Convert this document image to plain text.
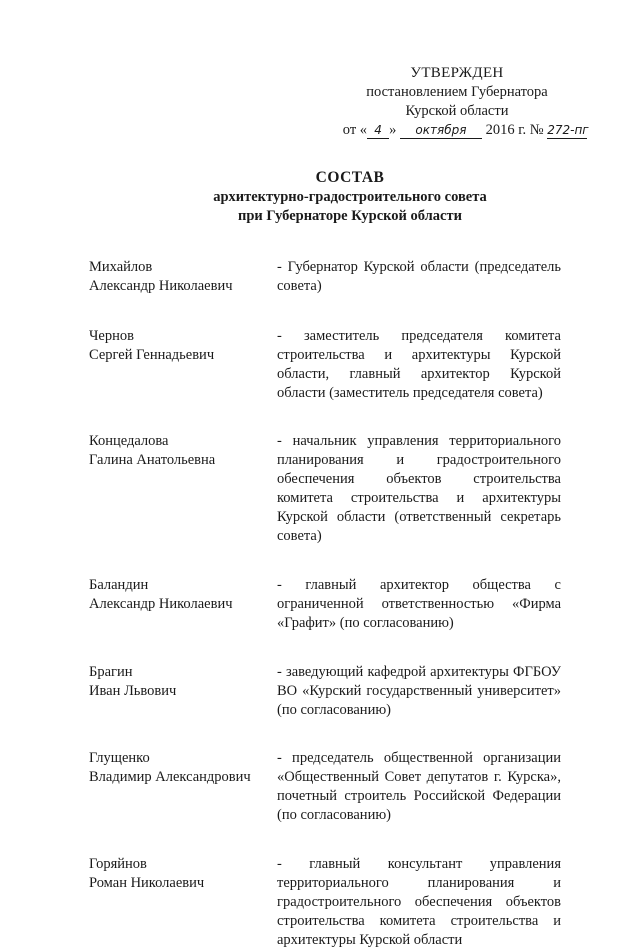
УТВЕРЖДЕН
постановлением Губернатора
Курской области
от « 4 » октября 2016 г. № 272-пг
СОСТАВ
архитектурно-градостроительного совета
при Губернаторе Курской области
Михайлов
Александр Николаевич
- Губернатор Курской области (председатель совета)
Чернов
Сергей Геннадьевич
- заместитель председателя комитета строительства и архитектуры Курской области, главный архитектор Курской области (заместитель председателя совета)
Концедалова
Галина Анатольевна
- начальник управления территориального планирования и градостроительного обеспечения объектов строительства комитета строительства и архитектуры Курской области (ответственный секретарь совета)
Баландин
Александр Николаевич
- главный архитектор общества с ограниченной ответственностью «Фирма «Графит» (по согласованию)
Брагин
Иван Львович
- заведующий кафедрой архитектуры ФГБОУ ВО «Курский государственный университет» (по согласованию)
Глущенко
Владимир Александрович
- председатель общественной организации «Общественный Совет депутатов г. Курска», почетный строитель Российской Федерации (по согласованию)
Горяйнов
Роман Николаевич
- главный консультант управления территориального планирования и градостроительного обеспечения объектов строительства комитета строительства и архитектуры Курской области
